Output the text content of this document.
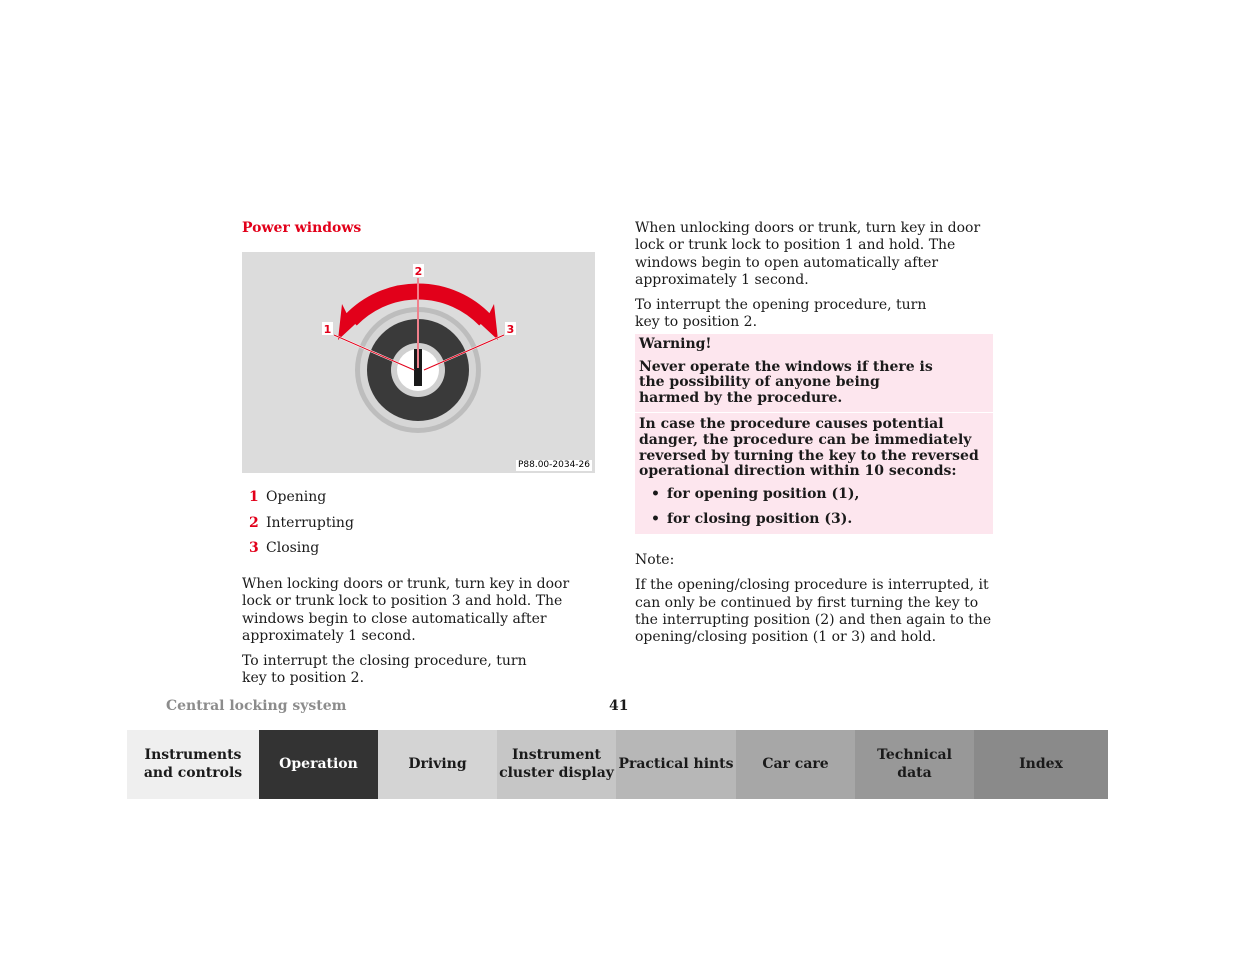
Power windows
2
1	3
P88.00-2034-26
1 Opening
2 Interrupting
3 Closing

When locking doors or trunk, turn key in door lock or trunk lock to position 3 and hold. The windows begin to close automatically after approximately 1 second.

To interrupt the closing procedure, turn key to position 2.

When unlocking doors or trunk, turn key in door lock or trunk lock to position 1 and hold. The windows begin to open automatically after approximately 1 second.

To interrupt the opening procedure, turn key to position 2.

Warning!
Never operate the windows if there is the possibility of anyone being harmed by the procedure.
In case the procedure causes potential danger, the procedure can be immediately reversed by turning the key to the reversed operational direction within 10 seconds:
• for opening position (1),
• for closing position (3).

Note:

If the opening/closing procedure is interrupted, it can only be continued by first turning the key to the interrupting position (2) and then again to the opening/closing position (1 or 3) and hold.

Central locking system	41
Instruments
and controls
Operation	Driving
Instrument
cluster display
Practical hints Car care
Technical
data
Index
